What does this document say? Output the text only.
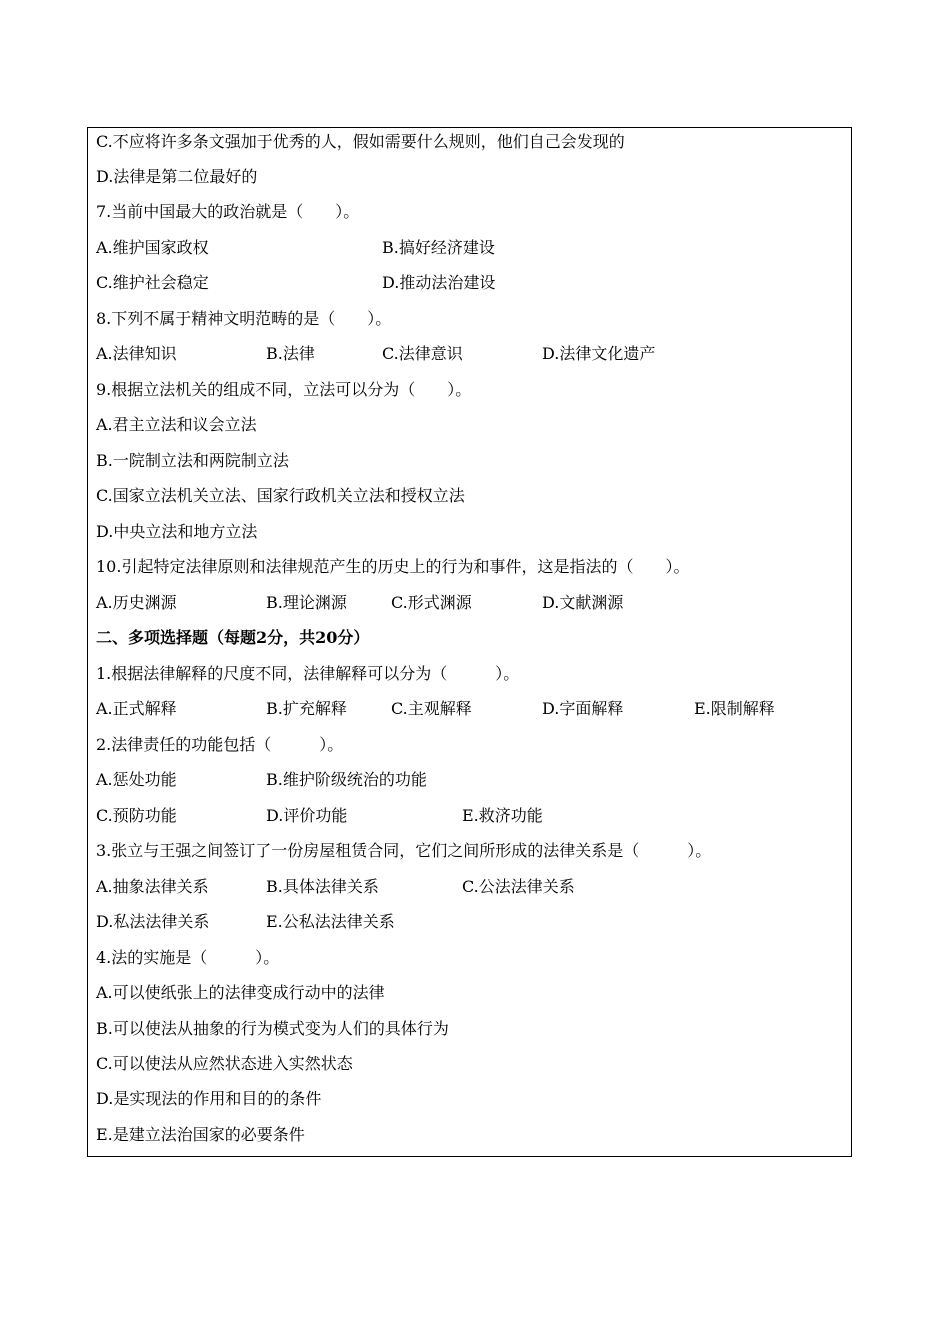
C.不应将许多条文强加于优秀的人，假如需要什么规则，他们自己会发现的
D.法律是第二位最好的
7.当前中国最大的政治就是（　　）。
A.维护国家政权	B.搞好经济建设
C.维护社会稳定	D.推动法治建设
8.下列不属于精神文明范畴的是（　　）。
A.法律知识	B.法律	C.法律意识	D.法律文化遗产
9.根据立法机关的组成不同，立法可以分为（　　）。
A.君主立法和议会立法
B.一院制立法和两院制立法
C.国家立法机关立法、国家行政机关立法和授权立法
D.中央立法和地方立法
10.引起特定法律原则和法律规范产生的历史上的行为和事件，这是指法的（　　）。
A.历史渊源	B.理论渊源	C.形式渊源	D.文献渊源
二、多项选择题（每题2分，共20分）
1.根据法律解释的尺度不同，法律解释可以分为（　　　）。
A.正式解释	B.扩充解释	C.主观解释	D.字面解释	E.限制解释
2.法律责任的功能包括（　　　）。
A.惩处功能	B.维护阶级统治的功能
C.预防功能	D.评价功能	E.救济功能
3.张立与王强之间签订了一份房屋租赁合同，它们之间所形成的法律关系是（　　　）。
A.抽象法律关系	B.具体法律关系	C.公法法律关系
D.私法法律关系	E.公私法法律关系
4.法的实施是（　　　）。
A.可以使纸张上的法律变成行动中的法律
B.可以使法从抽象的行为模式变为人们的具体行为
C.可以使法从应然状态进入实然状态
D.是实现法的作用和目的的条件
E.是建立法治国家的必要条件
